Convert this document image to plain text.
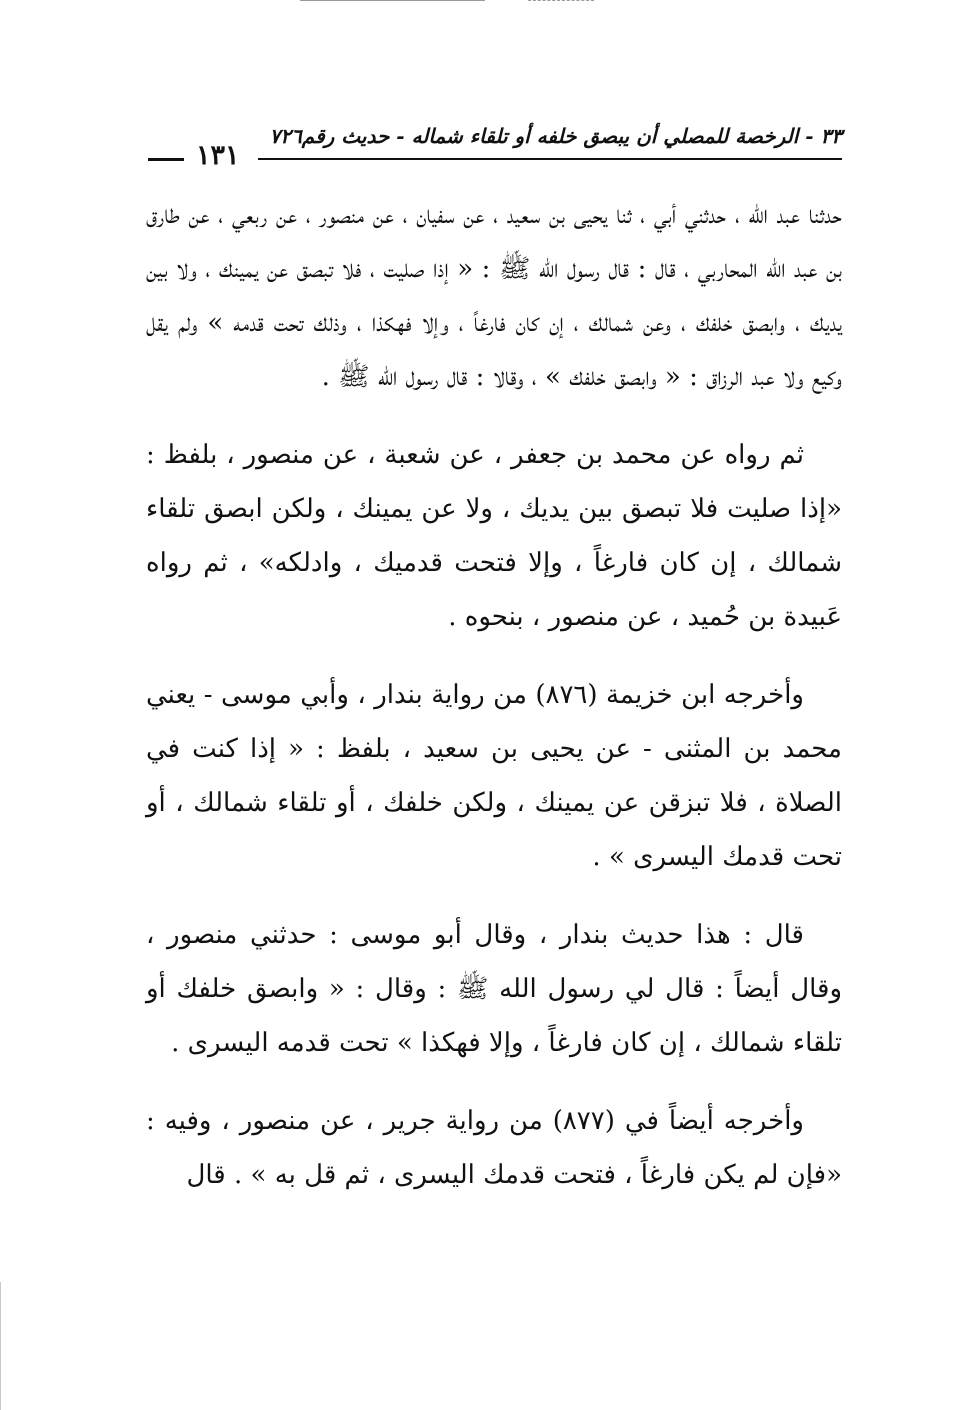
٣٣ - الرخصة للمصلي أن يبصق خلفه أو تلقاء شماله - حديث رقم٧٢٦
١٣١

حدثنا عبد الله ، حدثني أبي ، ثنا يحيى بن سعيد ، عن سفيان ، عن منصور ، عن ربعي ، عن طارق بن عبد الله المحاربي ، قال : قال رسول الله ﷺ : « إذا صليت ، فلا تبصق عن يمينك ، ولا بين يديك ، وابصق خلفك ، وعن شمالك ، إن كان فارغاً ، وإلا فهكذا ، وذلك تحت قدمه » ولم يقل وكيع ولا عبد الرزاق : « وابصق خلفك » ، وقالا : قال رسول الله ﷺ .

ثم رواه عن محمد بن جعفر ، عن شعبة ، عن منصور ، بلفظ : «إذا صليت فلا تبصق بين يديك ، ولا عن يمينك ، ولكن ابصق تلقاء شمالك ، إن كان فارغاً ، وإلا فتحت قدميك ، وادلكه» ، ثم رواه عَبيدة بن حُميد ، عن منصور ، بنحوه .

وأخرجه ابن خزيمة (٨٧٦) من رواية بندار ، وأبي موسى - يعني محمد بن المثنى - عن يحيى بن سعيد ، بلفظ : « إذا كنت في الصلاة ، فلا تبزقن عن يمينك ، ولكن خلفك ، أو تلقاء شمالك ، أو تحت قدمك اليسرى » .

قال : هذا حديث بندار ، وقال أبو موسى : حدثني منصور ، وقال أيضاً : قال لي رسول الله ﷺ : وقال : « وابصق خلفك أو تلقاء شمالك ، إن كان فارغاً ، وإلا فهكذا » تحت قدمه اليسرى .

وأخرجه أيضاً في (٨٧٧) من رواية جرير ، عن منصور ، وفيه : «فإن لم يكن فارغاً ، فتحت قدمك اليسرى ، ثم قل به » . قال
